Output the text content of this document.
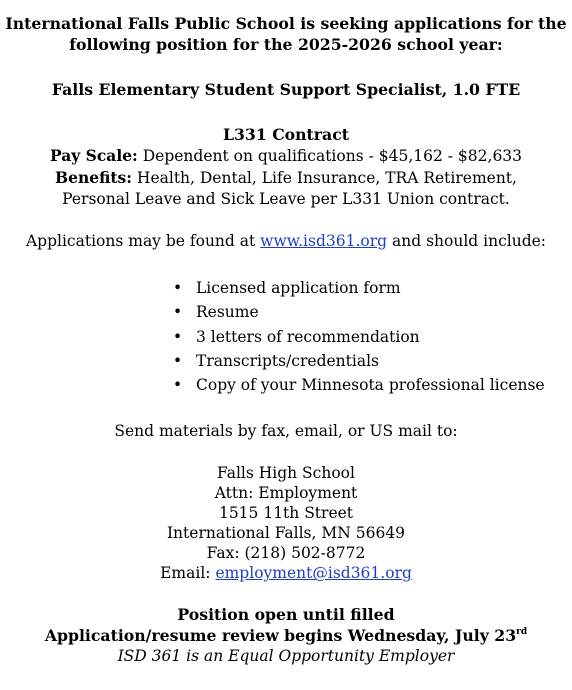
International Falls Public School is seeking applications for the
following position for the 2025-2026 school year:
Falls Elementary Student Support Specialist, 1.0 FTE
L331 Contract
Pay Scale: Dependent on qualifications - $45,162 - $82,633
Benefits: Health, Dental, Life Insurance, TRA Retirement,
Personal Leave and Sick Leave per L331 Union contract.
Applications may be found at www.isd361.org and should include:
• Licensed application form
• Resume
• 3 letters of recommendation
• Transcripts/credentials
• Copy of your Minnesota professional license
Send materials by fax, email, or US mail to:
Falls High School
Attn: Employment
1515 11th Street
International Falls, MN 56649
Fax: (218) 502-8772
Email: employment@isd361.org
Position open until filled
Application/resume review begins Wednesday, July 23rd
ISD 361 is an Equal Opportunity Employer
